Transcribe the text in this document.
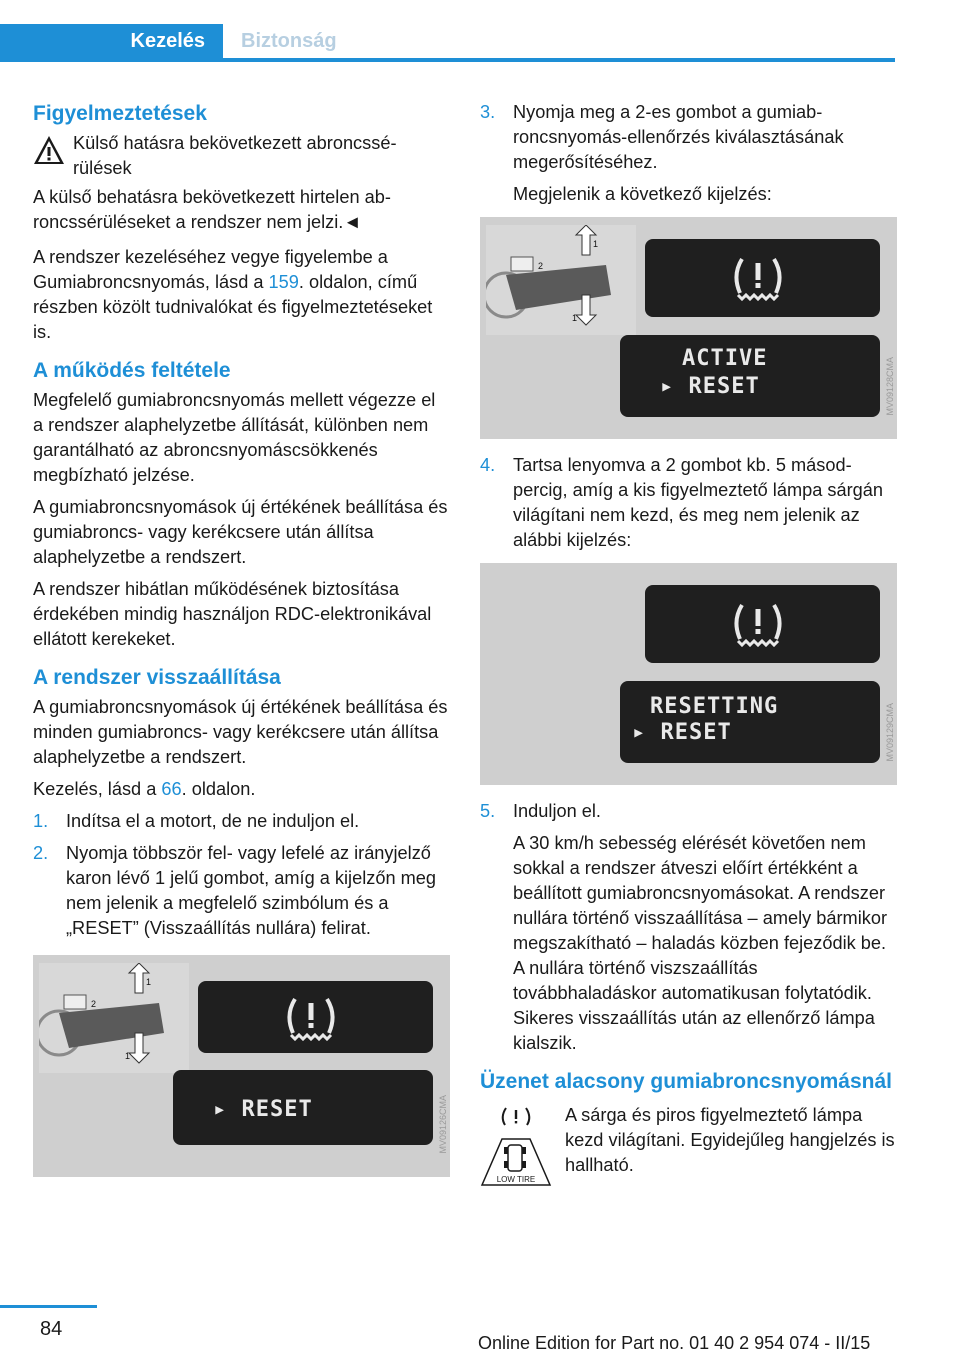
Kezelés Biztonság
Figyelmeztetések

Külső hatásra bekövetkezett abroncssérülések

A külső behatásra bekövetkezett hirtelen abroncssérüléseket a rendszer nem jelzi.◄

A rendszer kezeléséhez vegye figyelembe a Gumiabroncsnyomás, lásd a 159. oldalon, című részben közölt tudnivalókat és figyelmeztetéseket is.

A működés feltétele

Megfelelő gumiabroncsnyomás mellett végezze el a rendszer alaphelyzetbe állítását, különben nem garantálható az abroncsnyomáscsökkenés megbízható jelzése.

A gumiabroncsnyomások új értékének beállítása és gumiabroncs- vagy kerékcsere után állítsa alaphelyzetbe a rendszert.

A rendszer hibátlan működésének biztosítása érdekében mindig használjon RDC-elektronikával ellátott kerekeket.

A rendszer visszaállítása

A gumiabroncsnyomások új értékének beállítása és minden gumiabroncs- vagy kerékcsere után állítsa alaphelyzetbe a rendszert.

Kezelés, lásd a 66. oldalon.

1. Indítsa el a motort, de ne induljon el.

2. Nyomja többször fel- vagy lefelé az irányjelző karon lévő 1 jelű gombot, amíg a kijelzőn meg nem jelenik a megfelelő szimbólum és a „RESET” (Visszaállítás nullára) felirat.

1
1
2
▸ RESET	MV09126CMA
3. Nyomja meg a 2-es gombot a gumiabroncsnyomás-ellenőrzés kiválasztásának megerősítéséhez.

Megjelenik a következő kijelzés:

1
1
2
ACTIVE
▸ RESET	MV09128CMA
4. Tartsa lenyomva a 2 gombot kb. 5 másodpercig, amíg a kis figyelmeztető lámpa sárgán világítani nem kezd, és meg nem jelenik az alábbi kijelzés:

RESETTING
▸ RESET	MV09129CMA
5. Induljon el.

A 30 km/h sebesség elérését követően nem sokkal a rendszer átveszi előírt értékként a beállított gumiabroncsnyomásokat. A rendszer nullára történő visszaállítása – amely bármikor megszakítható – haladás közben fejeződik be. A nullára történő viszszaállítás továbbhaladáskor automatikusan folytatódik. Sikeres visszaállítás után az ellenőrző lámpa kialszik.

Üzenet alacsony gumiabroncsnyomásnál
LOW TIRE

A sárga és piros figyelmeztető lámpa kezd világítani. Egyidejűleg hangjelzés is hallható.

84
Online Edition for Part no. 01 40 2 954 074 - II/15
